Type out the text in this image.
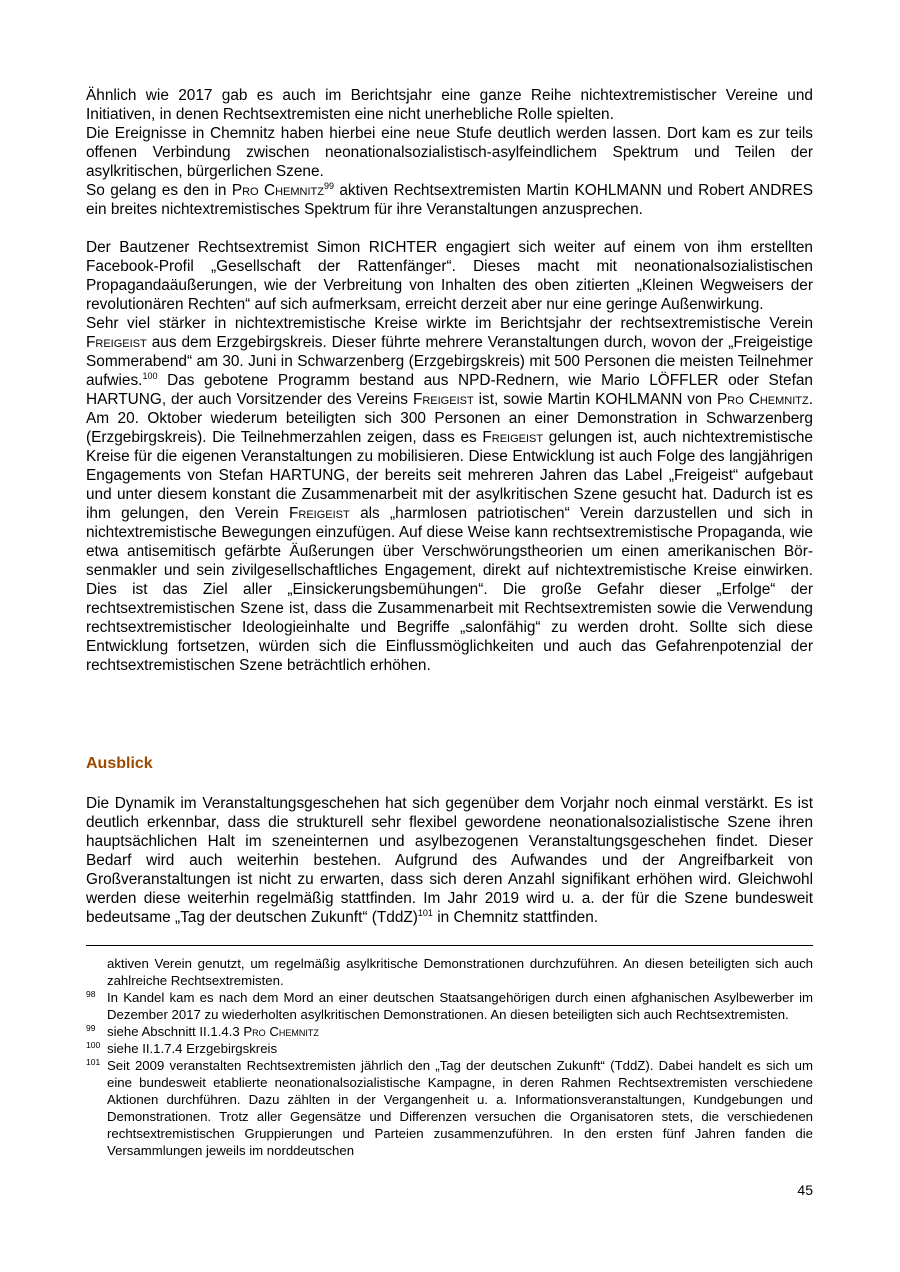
Ähnlich wie 2017 gab es auch im Berichtsjahr eine ganze Reihe nichtextremistischer Vereine und Initiativen, in denen Rechtsextremisten eine nicht unerhebliche Rolle spielten.

Die Ereignisse in Chemnitz haben hierbei eine neue Stufe deutlich werden lassen. Dort kam es zur teils offenen Verbindung zwischen neonationalsozialistisch-asylfeindlichem Spektrum und Teilen der asylkritischen, bürgerlichen Szene.

So gelang es den in Pro Chemnitz$^{99}$ aktiven Rechtsextremisten Martin KOHLMANN und Robert ANDRES ein breites nichtextremistisches Spektrum für ihre Veranstaltungen anzusprechen.

Der Bautzener Rechtsextremist Simon RICHTER engagiert sich weiter auf einem von ihm erstellten Facebook-Profil „Gesellschaft der Rattenfänger“. Dieses macht mit neonationalsozialistischen Propagandaäußerungen, wie der Verbreitung von Inhalten des oben zitierten „Kleinen Wegweisers der revolutionären Rechten“ auf sich aufmerksam, erreicht derzeit aber nur eine geringe Außenwirkung.

Sehr viel stärker in nichtextremistische Kreise wirkte im Berichtsjahr der rechtsextremistische Verein Freigeist aus dem Erzgebirgskreis. Dieser führte mehrere Veranstaltungen durch, wovon der „Freigeistige Sommerabend“ am 30. Juni in Schwarzenberg (Erzgebirgskreis) mit 500 Personen die meisten Teilnehmer aufwies.$^{100}$ Das gebotene Programm bestand aus NPD-Rednern, wie Mario LÖFFLER oder Stefan HARTUNG, der auch Vorsitzender des Vereins Freigeist ist, sowie Martin KOHLMANN von Pro Chemnitz. Am 20. Oktober wiederum beteiligten sich 300 Personen an einer Demonstration in Schwarzenberg (Erzgebirgskreis). Die Teilnehmerzahlen zeigen, dass es Freigeist gelungen ist, auch nichtextremistische Kreise für die eigenen Veranstaltungen zu mobilisieren. Diese Entwicklung ist auch Folge des langjährigen Engagements von Stefan HARTUNG, der bereits seit mehreren Jahren das Label „Freigeist“ aufgebaut und unter diesem konstant die Zusammenarbeit mit der asylkritischen Szene gesucht hat. Dadurch ist es ihm gelungen, den Verein Freigeist als „harmlosen patriotischen“ Verein darzustellen und sich in nichtextremistische Bewegungen einzufügen. Auf diese Weise kann rechtsextremistische Propaganda, wie etwa antisemitisch gefärbte Äußerungen über Verschwörungstheorien um einen amerikanischen Börsenmakler und sein zivilgesellschaftliches Engagement, direkt auf nichtextremistische Kreise einwirken. Dies ist das Ziel aller „Einsickerungsbemühungen“. Die große Gefahr dieser „Erfolge“ der rechtsextremistischen Szene ist, dass die Zusammenarbeit mit Rechtsextremisten sowie die Verwendung rechtsextremistischer Ideologieinhalte und Begriffe „salonfähig“ zu werden droht. Sollte sich diese Entwicklung fortsetzen, würden sich die Einflussmöglichkeiten und auch das Gefahrenpotenzial der rechtsextremistischen Szene beträchtlich erhöhen.

Ausblick

Die Dynamik im Veranstaltungsgeschehen hat sich gegenüber dem Vorjahr noch einmal verstärkt. Es ist deutlich erkennbar, dass die strukturell sehr flexibel gewordene neonationalsozialistische Szene ihren hauptsächlichen Halt im szeneinternen und asylbezogenen Veranstaltungsgeschehen findet. Dieser Bedarf wird auch weiterhin bestehen. Aufgrund des Aufwandes und der Angreifbarkeit von Großveranstaltungen ist nicht zu erwarten, dass sich deren Anzahl signifikant erhöhen wird. Gleichwohl werden diese weiterhin regelmäßig stattfinden. Im Jahr 2019 wird u. a. der für die Szene bundesweit bedeutsame „Tag der deutschen Zukunft“ (TddZ)$^{101}$ in Chemnitz stattfinden.

aktiven Verein genutzt, um regelmäßig asylkritische Demonstrationen durchzuführen. An diesen beteiligten sich auch zahlreiche Rechtsextremisten.

98 In Kandel kam es nach dem Mord an einer deutschen Staatsangehörigen durch einen afghanischen Asylbewerber im Dezember 2017 zu wiederholten asylkritischen Demonstrationen. An diesen beteiligten sich auch Rechtsextremisten.

99 siehe Abschnitt II.1.4.3 Pro Chemnitz

100 siehe II.1.7.4 Erzgebirgskreis

101 Seit 2009 veranstalten Rechtsextremisten jährlich den „Tag der deutschen Zukunft“ (TddZ). Dabei handelt es sich um eine bundesweit etablierte neonationalsozialistische Kampagne, in deren Rahmen Rechtsextremisten verschiedene Aktionen durchführen. Dazu zählten in der Vergangenheit u. a. Informationsveranstaltungen, Kundgebungen und Demonstrationen. Trotz aller Gegensätze und Differenzen versuchen die Organisatoren stets, die verschiedenen rechtsextremistischen Gruppierungen und Parteien zusammenzuführen. In den ersten fünf Jahren fanden die Versammlungen jeweils im norddeutschen

45
